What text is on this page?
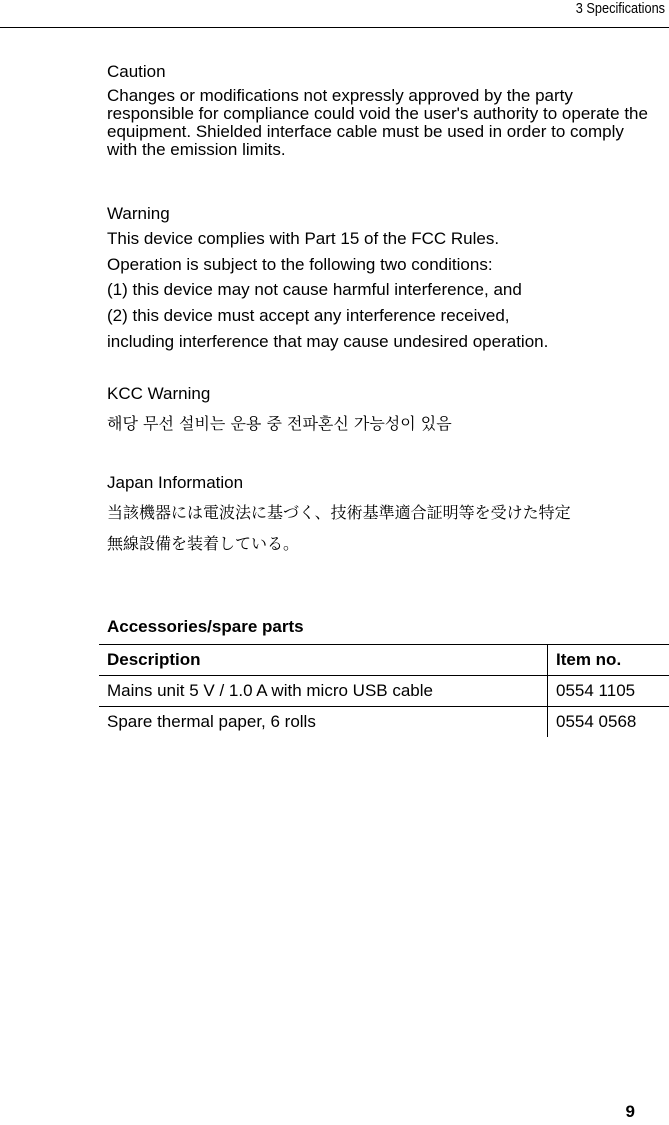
3 Specifications
Caution
Changes or modifications not expressly approved by the party responsible for compliance could void the user's authority to operate the equipment. Shielded interface cable must be used in order to comply with the emission limits.
Warning
This device complies with Part 15 of the FCC Rules.
Operation is subject to the following two conditions:
(1) this device may not cause harmful interference, and
(2) this device must accept any interference received,
including interference that may cause undesired operation.
KCC Warning
해당 무선 설비는 운용 중 전파혼신 가능성이 있음
Japan Information
当該機器には電波法に基づく、技術基準適合証明等を受けた特定
無線設備を装着している。
Accessories/spare parts
Description	Item no.
Mains unit 5 V / 1.0 A with micro USB cable	0554 1105
Spare thermal paper, 6 rolls	0554 0568
9
